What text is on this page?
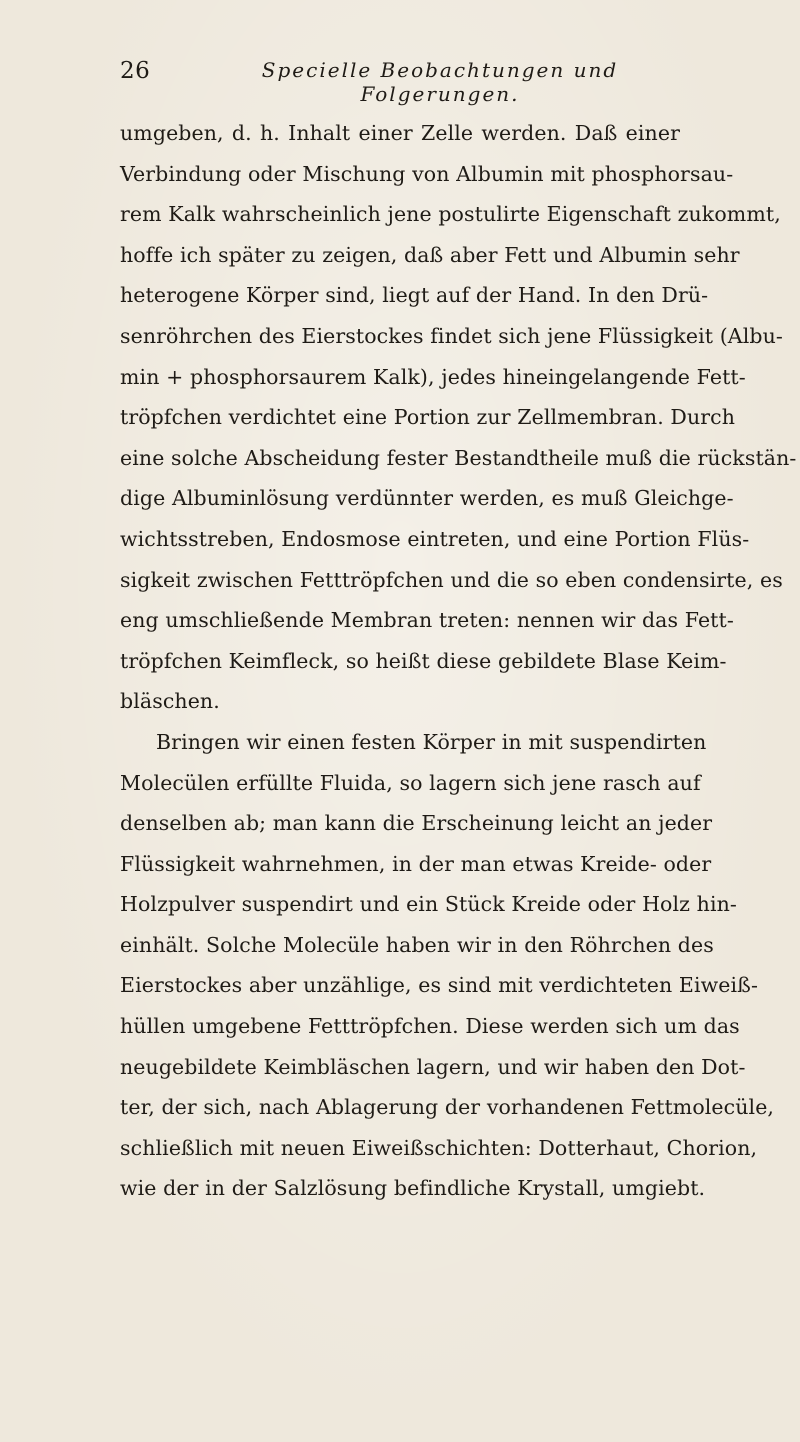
26	Specielle Beobachtungen und Folgerungen.
umgeben, d. h. Inhalt einer Zelle werden. Daß einer
Verbindung oder Mischung von Albumin mit phosphorsau-
rem Kalk wahrscheinlich jene postulirte Eigenschaft zukommt,
hoffe ich später zu zeigen, daß aber Fett und Albumin sehr
heterogene Körper sind, liegt auf der Hand. In den Drü-
senröhrchen des Eierstockes findet sich jene Flüssigkeit (Albu-
min + phosphorsaurem Kalk), jedes hineingelangende Fett-
tröpfchen verdichtet eine Portion zur Zellmembran. Durch
eine solche Abscheidung fester Bestandtheile muß die rückstän-
dige Albuminlösung verdünnter werden, es muß Gleichge-
wichtsstreben, Endosmose eintreten, und eine Portion Flüs-
sigkeit zwischen Fetttröpfchen und die so eben condensirte, es
eng umschließende Membran treten: nennen wir das Fett-
tröpfchen Keimfleck, so heißt diese gebildete Blase Keim-
bläschen.
Bringen wir einen festen Körper in mit suspendirten
Molecülen erfüllte Fluida, so lagern sich jene rasch auf
denselben ab; man kann die Erscheinung leicht an jeder
Flüssigkeit wahrnehmen, in der man etwas Kreide- oder
Holzpulver suspendirt und ein Stück Kreide oder Holz hin-
einhält. Solche Molecüle haben wir in den Röhrchen des
Eierstockes aber unzählige, es sind mit verdichteten Eiweiß-
hüllen umgebene Fetttröpfchen. Diese werden sich um das
neugebildete Keimbläschen lagern, und wir haben den Dot-
ter, der sich, nach Ablagerung der vorhandenen Fettmolecüle,
schließlich mit neuen Eiweißschichten: Dotterhaut, Chorion,
wie der in der Salzlösung befindliche Krystall, umgiebt.
